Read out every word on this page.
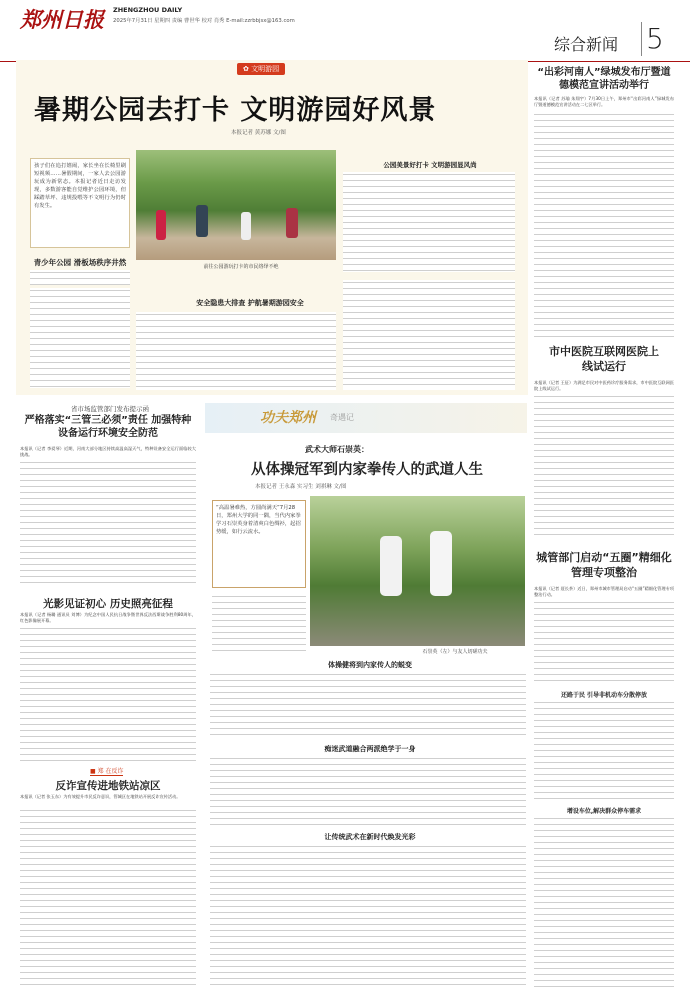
郑州日报 ZHENGZHOU DAILY
2025年7月31日 星期四 责编 曹世华 校对 肖秀 E-mail:zzrbbjsx@163.com
综合新闻 5
✿ 文明游园
暑期公园去打卡 文明游园好风景
本报记者 黄苏娜 文/图

孩子们在追打嬉闹，家长坐在长椅里刷短视频……暑假期间，一家人去公园游玩成为新常态。本报记者近日走访发现，多数游客能自觉维护公园环境，但踩踏草坪、违规投喂等不文明行为仍时有发生。

青少年公园 滑板场秩序井然	前往公园游玩打卡的市民络绎不绝
公园美景好打卡 文明游园显风尚
安全隐患大排查 护航暑期游园安全
“出彩河南人”绿城发布厅暨道德模范宣讲活动举行
本报讯（记者 苏瑜 朱翔宇）7月30日上午，郑州市“出彩河南人”绿城发布厅暨道德模范宣讲活动在二七区举行。
市中医院互联网医院上线试运行
本报讯（记者 王征）为满足市民对中医药诊疗服务需求，市中医院互联网医院上线试运行。
省市场监管部门发布提示函
严格落实“三管三必须”责任 加强特种设备运行环境安全防范
本报讯（记者 李爱琴）近期，河南大部分地区持续高温高湿天气，特种设备安全运行面临较大挑战。
光影见证初心 历史照亮征程
本报讯（记者 杨璐 通讯员 刘博）为纪念中国人民抗日战争暨世界反法西斯战争胜利80周年，红色影像展开幕。
■ 郑 在反诈
反诈宣传进地铁站凉区
本报讯（记者 张玉东）为有效提升市民反诈意识，管城区在地铁站开展反诈宣传活动。
功夫郑州 奇遇记
武术大师石崇英：
从体操冠军到内家拳传人的武道人生
本报记者 王永森 实习生 刘祺琳 文/图

“高温暑难热，方圆尚满天”7月28日，郑州大学的同一隅，当代内家拳学习石崇英身着清爽白色绸衫，起招势缓，如行云流水。

石崇英（左）与友人切磋功夫
体操健将到内家传人的蜕变
痴迷武道融合两派绝学于一身
让传统武术在新时代焕发光彩
城管部门启动“五圈”精细化管理专项整治
本报讯（记者 聂长茶）近日，郑州市城市管理局启动“五圈”精细化管理专项整治行动。
还路于民 引导非机动车分散停放
增设车位,解决群众停车需求
